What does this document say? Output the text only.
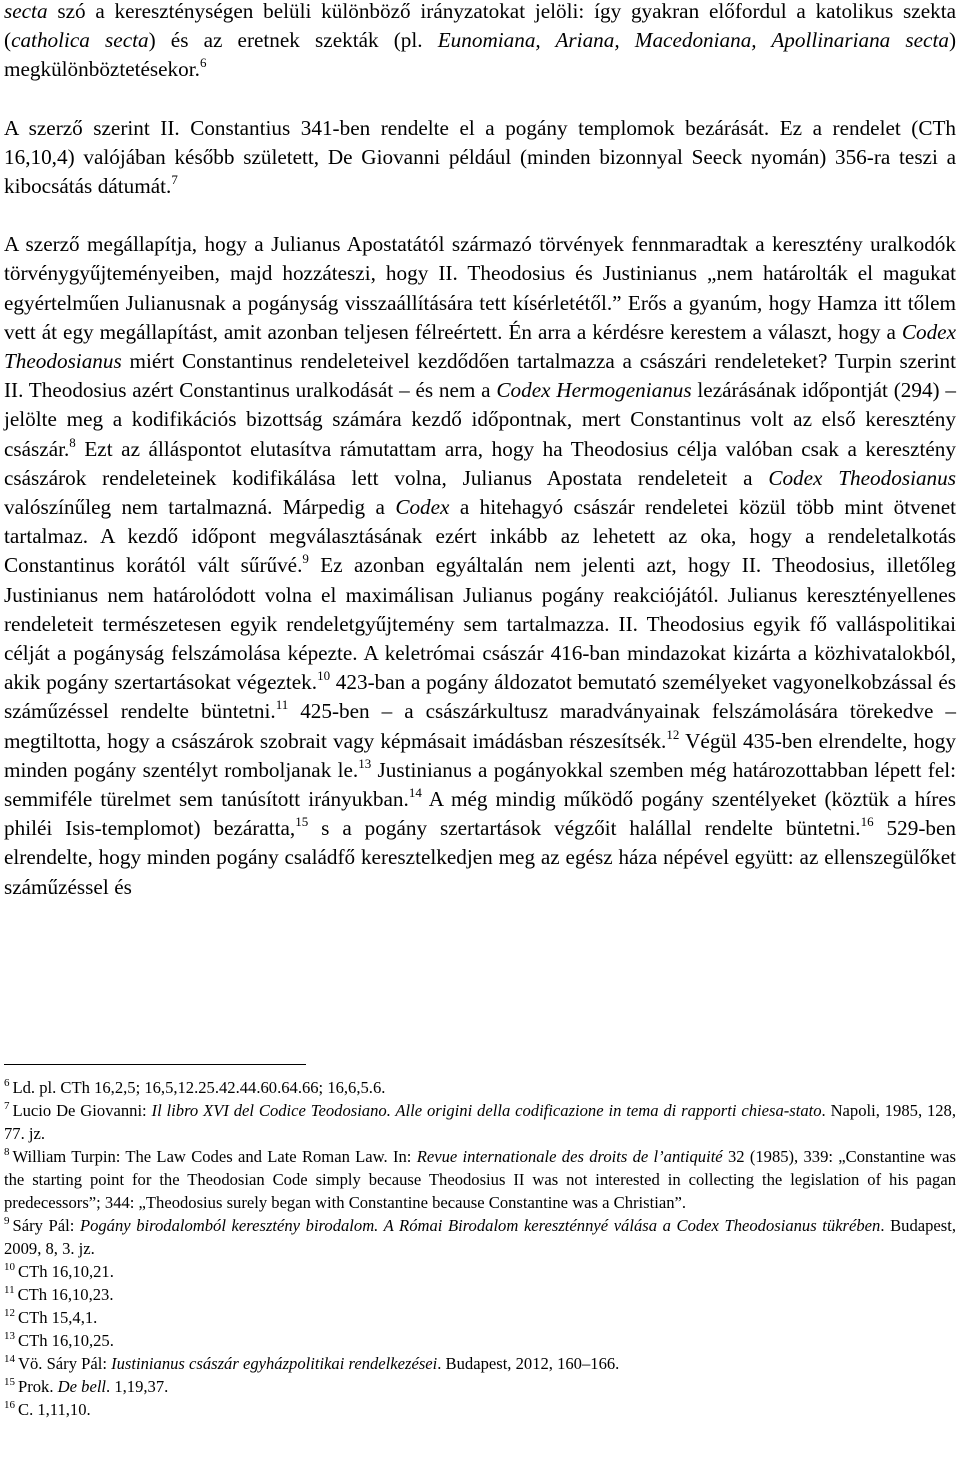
secta szó a kereszténységen belüli különböző irányzatokat jelöli: így gyakran előfordul a katolikus szekta (catholica secta) és az eretnek szekták (pl. Eunomiana, Ariana, Macedoniana, Apollinariana secta) megkülönböztetésekor.$^6$

A szerző szerint II. Constantius 341-ben rendelte el a pogány templomok bezárását. Ez a rendelet (CTh 16,10,4) valójában később született, De Giovanni például (minden bizonnyal Seeck nyomán) 356-ra teszi a kibocsátás dátumát.$^7$

A szerző megállapítja, hogy a Julianus Apostatától származó törvények fennmaradtak a keresztény uralkodók törvénygyűjteményeiben, majd hozzáteszi, hogy II. Theodosius és Justinianus „nem határolták el magukat egyértelműen Julianusnak a pogányság visszaállítására tett kísérletétől.” Erős a gyanúm, hogy Hamza itt tőlem vett át egy megállapítást, amit azonban teljesen félreértett. Én arra a kérdésre kerestem a választ, hogy a Codex Theodosianus miért Constantinus rendeleteivel kezdődően tartalmazza a császári rendeleteket? Turpin szerint II. Theodosius azért Constantinus uralkodását – és nem a Codex Hermogenianus lezárásának időpontját (294) – jelölte meg a kodifikációs bizottság számára kezdő időpontnak, mert Constantinus volt az első keresztény császár.$^8$ Ezt az álláspontot elutasítva rámutattam arra, hogy ha Theodosius célja valóban csak a keresztény császárok rendeleteinek kodifikálása lett volna, Julianus Apostata rendeleteit a Codex Theodosianus valószínűleg nem tartalmazná. Márpedig a Codex a hitehagyó császár rendeletei közül több mint ötvenet tartalmaz. A kezdő időpont megválasztásának ezért inkább az lehetett az oka, hogy a rendeletalkotás Constantinus korától vált sűrűvé.$^9$ Ez azonban egyáltalán nem jelenti azt, hogy II. Theodosius, illetőleg Justinianus nem határolódott volna el maximálisan Julianus pogány reakciójától. Julianus keresztényellenes rendeleteit természetesen egyik rendeletgyűjtemény sem tartalmazza. II. Theodosius egyik fő valláspolitikai célját a pogányság felszámolása képezte. A keletrómai császár 416-ban mindazokat kizárta a közhivatalokból, akik pogány szertartásokat végeztek.$^{10}$ 423-ban a pogány áldozatot bemutató személyeket vagyonelkobzással és száműzéssel rendelte büntetni.$^{11}$ 425-ben – a császárkultusz maradványainak felszámolására törekedve – megtiltotta, hogy a császárok szobrait vagy képmásait imádásban részesítsék.$^{12}$ Végül 435-ben elrendelte, hogy minden pogány szentélyt romboljanak le.$^{13}$ Justinianus a pogányokkal szemben még határozottabban lépett fel: semmiféle türelmet sem tanúsított irányukban.$^{14}$ A még mindig működő pogány szentélyeket (köztük a híres philéi Isis-templomot) bezáratta,$^{15}$ s a pogány szertartások végzőit halállal rendelte büntetni.$^{16}$ 529-ben elrendelte, hogy minden pogány családfő keresztelkedjen meg az egész háza népével együtt: az ellenszegülőket száműzéssel és

$^6$ Ld. pl. CTh 16,2,5; 16,5,12.25.42.44.60.64.66; 16,6,5.6.

$^7$ Lucio De Giovanni: Il libro XVI del Codice Teodosiano. Alle origini della codificazione in tema di rapporti chiesa-stato. Napoli, 1985, 128, 77. jz.

$^8$ William Turpin: The Law Codes and Late Roman Law. In: Revue internationale des droits de l’antiquité 32 (1985), 339: „Constantine was the starting point for the Theodosian Code simply because Theodosius II was not interested in collecting the legislation of his pagan predecessors”; 344: „Theodosius surely began with Constantine because Constantine was a Christian”.

$^9$ Sáry Pál: Pogány birodalomból keresztény birodalom. A Római Birodalom kereszténnyé válása a Codex Theodosianus tükrében. Budapest, 2009, 8, 3. jz.

$^{10}$ CTh 16,10,21.

$^{11}$ CTh 16,10,23.

$^{12}$ CTh 15,4,1.

$^{13}$ CTh 16,10,25.

$^{14}$ Vö. Sáry Pál: Iustinianus császár egyházpolitikai rendelkezései. Budapest, 2012, 160–166.

$^{15}$ Prok. De bell. 1,19,37.

$^{16}$ C. 1,11,10.
